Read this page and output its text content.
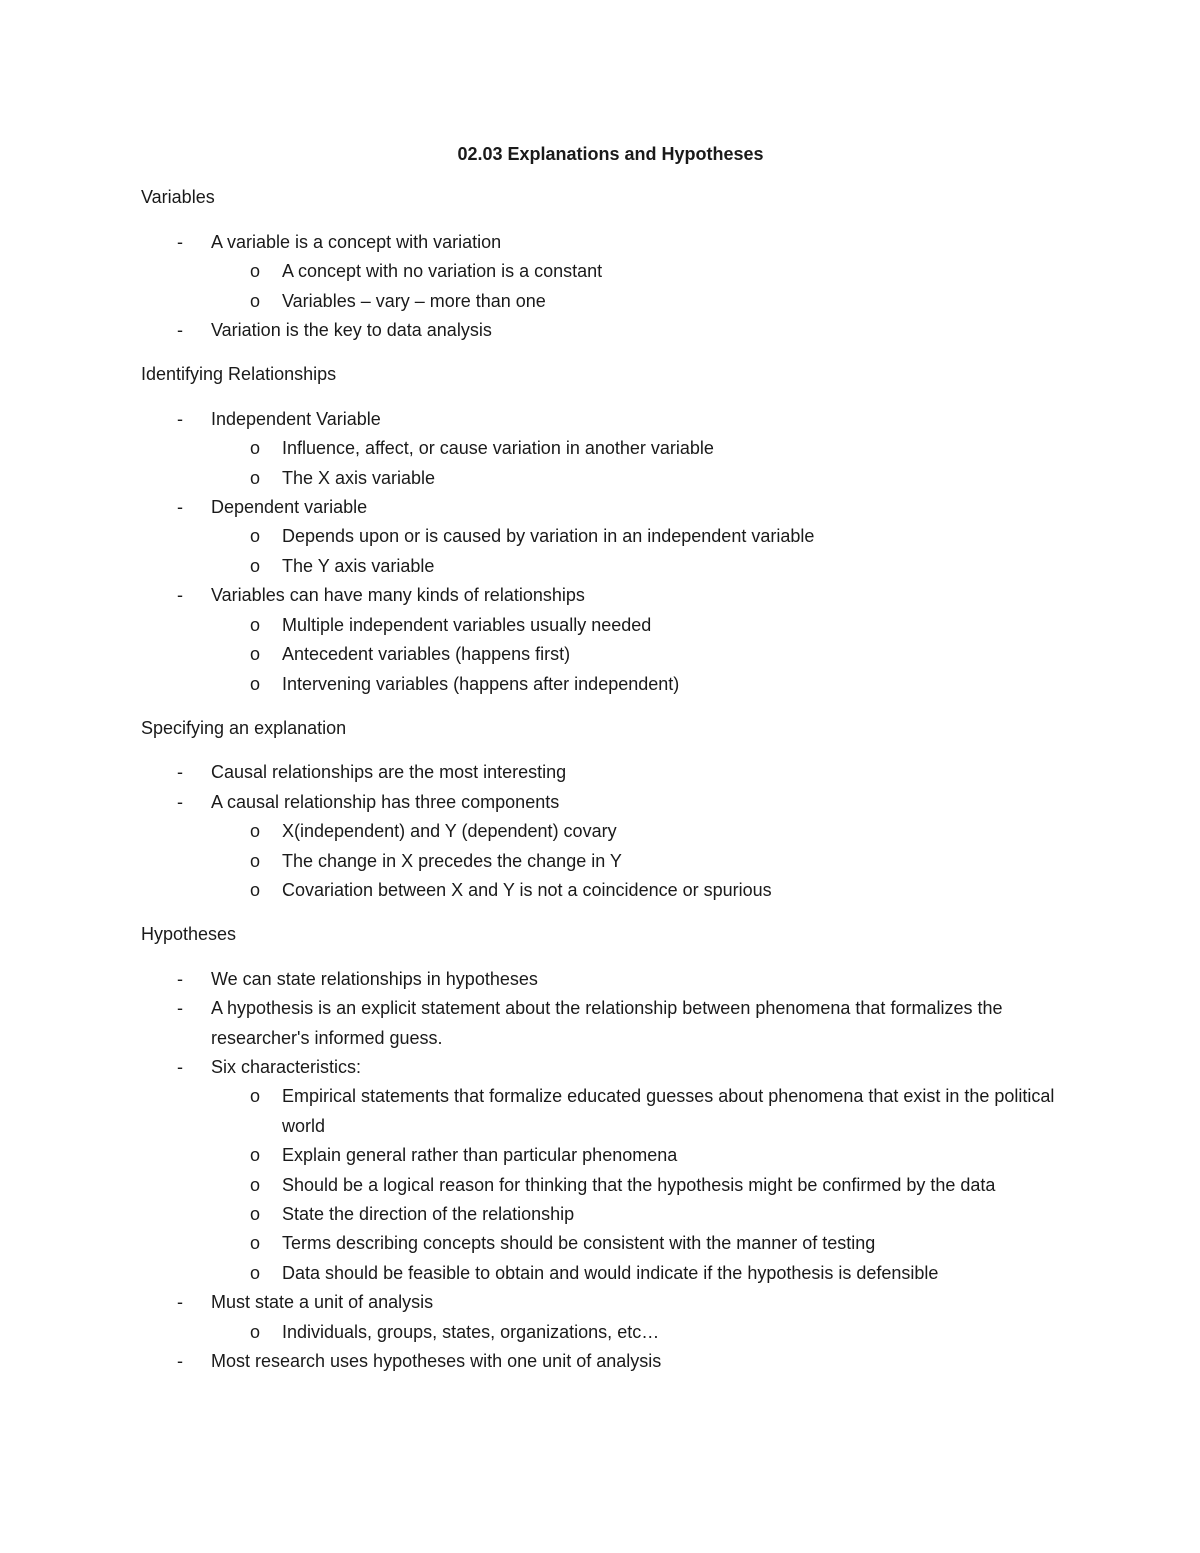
02.03 Explanations and Hypotheses
Variables
- A variable is a concept with variation
o A concept with no variation is a constant
o Variables – vary – more than one
- Variation is the key to data analysis
Identifying Relationships
- Independent Variable
o Influence, affect, or cause variation in another variable
o The X axis variable
- Dependent variable
o Depends upon or is caused by variation in an independent variable
o The Y axis variable
- Variables can have many kinds of relationships
o Multiple independent variables usually needed
o Antecedent variables (happens first)
o Intervening variables (happens after independent)
Specifying an explanation
- Causal relationships are the most interesting
- A causal relationship has three components
o X(independent) and Y (dependent) covary
o The change in X precedes the change in Y
o Covariation between X and Y is not a coincidence or spurious
Hypotheses
- We can state relationships in hypotheses
- A hypothesis is an explicit statement about the relationship between phenomena that formalizes the researcher's informed guess.
- Six characteristics:
o Empirical statements that formalize educated guesses about phenomena that exist in the political world
o Explain general rather than particular phenomena
o Should be a logical reason for thinking that the hypothesis might be confirmed by the data
o State the direction of the relationship
o Terms describing concepts should be consistent with the manner of testing
o Data should be feasible to obtain and would indicate if the hypothesis is defensible
- Must state a unit of analysis
o Individuals, groups, states, organizations, etc…
- Most research uses hypotheses with one unit of analysis
